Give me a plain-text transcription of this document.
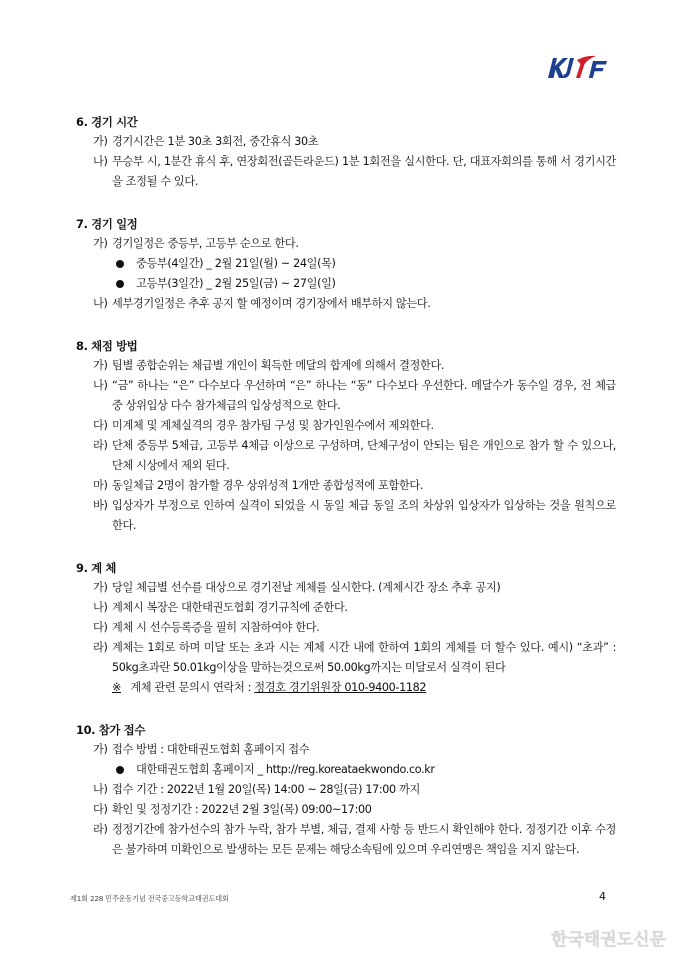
6. 경기 시간
가) 경기시간은 1분 30초 3회전, 중간휴식 30초
나) 무승부 시, 1분간 휴식 후, 연장회전(골든라운드) 1분 1회전을 실시한다. 단, 대표자회의를 통해 서 경기시간을 조정될 수 있다.
7. 경기 일정
가) 경기일정은 중등부, 고등부 순으로 한다.
중등부(4일간) _ 2월 21일(월) ~ 24일(목)
고등부(3일간) _ 2월 25일(금) ~ 27일(일)
나) 세부경기일정은 추후 공지 할 예정이며 경기장에서 배부하지 않는다.
8. 채점 방법
가) 팀별 종합순위는 체급별 개인이 획득한 메달의 합계에 의해서 결정한다.
나) “금” 하나는 “은” 다수보다 우선하며 “은” 하나는 “동” 다수보다 우선한다. 메달수가 동수일 경우, 전 체급 중 상위입상 다수 참가체급의 입상성적으로 한다.
다) 미계체 및 계체실격의 경우 참가팀 구성 및 참가인원수에서 제외한다.
라) 단체 중등부 5체급, 고등부 4체급 이상으로 구성하며, 단체구성이 안되는 팀은 개인으로 참가 할 수 있으나, 단체 시상에서 제외 된다.
마) 동일체급 2명이 참가할 경우 상위성적 1개만 종합성적에 포함한다.
바) 입상자가 부정으로 인하여 실격이 되었을 시 동일 체급 동일 조의 차상위 입상자가 입상하는 것을 원칙으로 한다.
9. 계 체
가) 당일 체급별 선수를 대상으로 경기전날 계체를 실시한다. (계체시간 장소 추후 공지)
나) 계체시 복장은 대한태권도협회 경기규칙에 준한다.
다) 계체 시 선수등록증을 필히 지참하여야 한다.
라) 계체는 1회로 하며 미달 또는 초과 시는 계체 시간 내에 한하여 1회의 계체를 더 할수 있다. 예시) “초과” : 50kg초과란 50.01kg이상을 말하는것으로써 50.00kg까지는 미달로서 실격이 된다
※ 계체 관련 문의시 연락처 : 정경호 경기위원장 010-9400-1182
10. 참가 접수
가) 접수 방법 : 대한태권도협회 홈페이지 접수
대한태권도협회 홈페이지 _ http://reg.koreataekwondo.co.kr
나) 접수 기간 : 2022년 1월 20일(목) 14:00 ~ 28일(금) 17:00 까지
다) 확인 및 정정기간 : 2022년 2월 3일(목) 09:00~17:00
라) 정정기간에 참가선수의 참가 누락, 참가 부별, 체급, 결제 사항 등 반드시 확인해야 한다. 정정기간 이후 수정은 불가하며 미확인으로 발생하는 모든 문제는 해당소속팀에 있으며 우리연맹은 책임을 지지 않는다.
제1회 228 민주운동기념 전국중고등학교태권도대회	4
한국태권도신문
